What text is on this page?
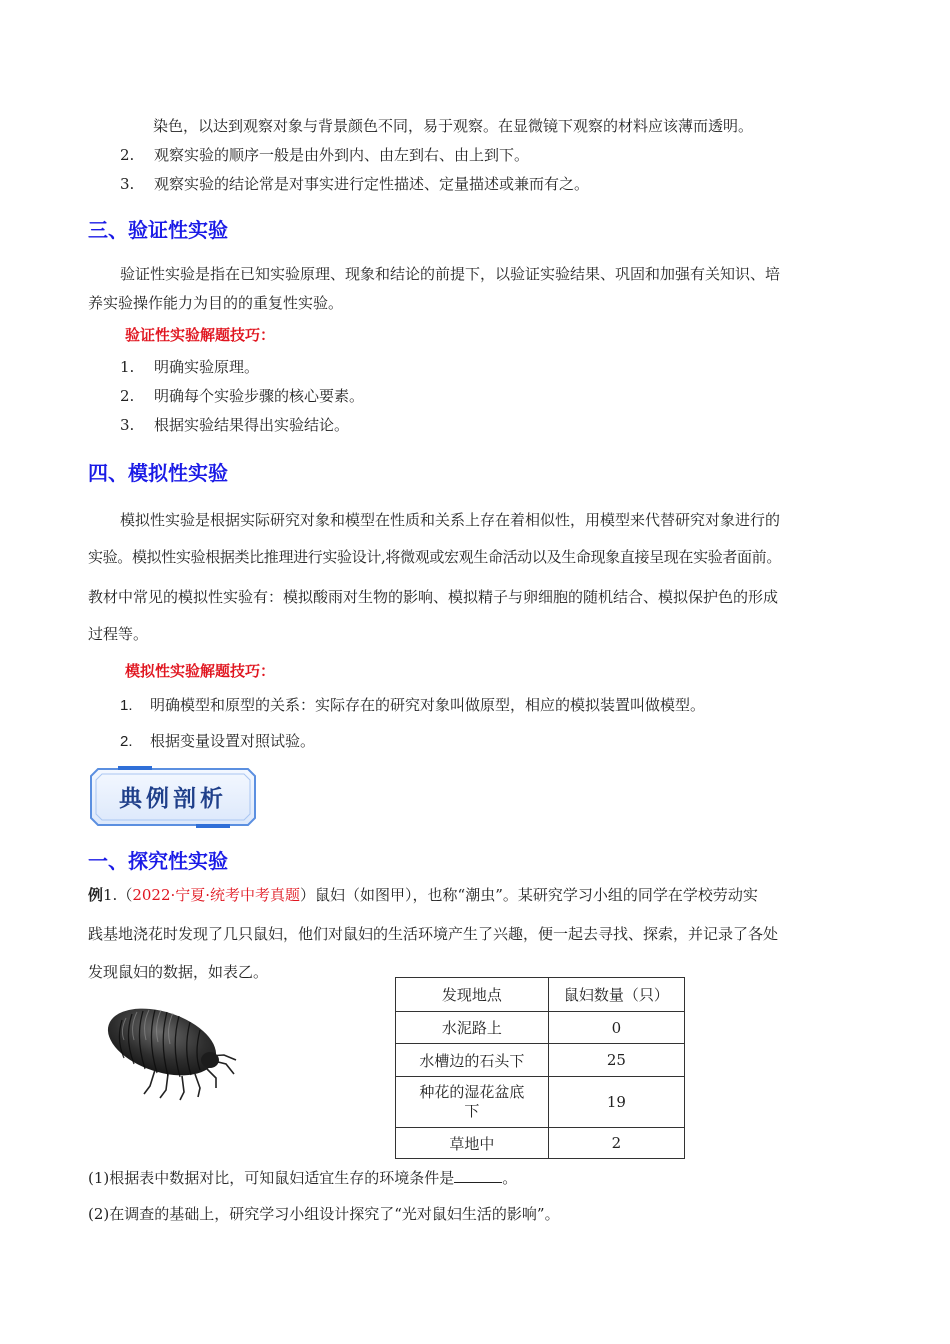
染色，以达到观察对象与背景颜色不同，易于观察。在显微镜下观察的材料应该薄而透明。
2. 观察实验的顺序一般是由外到内、由左到右、由上到下。
3. 观察实验的结论常是对事实进行定性描述、定量描述或兼而有之。
三、验证性实验
验证性实验是指在已知实验原理、现象和结论的前提下，以验证实验结果、巩固和加强有关知识、培
养实验操作能力为目的的重复性实验。
验证性实验解题技巧：
1. 明确实验原理。
2. 明确每个实验步骤的核心要素。
3. 根据实验结果得出实验结论。
四、模拟性实验
模拟性实验是根据实际研究对象和模型在性质和关系上存在着相似性，用模型来代替研究对象进行的
实验。模拟性实验根据类比推理进行实验设计,将微观或宏观生命活动以及生命现象直接呈现在实验者面前。
教材中常见的模拟性实验有：模拟酸雨对生物的影响、模拟精子与卵细胞的随机结合、模拟保护色的形成
过程等。
模拟性实验解题技巧：
1. 明确模型和原型的关系：实际存在的研究对象叫做原型，相应的模拟装置叫做模型。
2. 根据变量设置对照试验。
典例剖析
一、探究性实验
例1.（2022·宁夏·统考中考真题）鼠妇（如图甲），也称“潮虫”。某研究学习小组的同学在学校劳动实
践基地浇花时发现了几只鼠妇，他们对鼠妇的生活环境产生了兴趣，便一起去寻找、探索，并记录了各处
发现鼠妇的数据，如表乙。
发现地点	鼠妇数量（只）
水泥路上	0
水槽边的石头下	25
种花的湿花盆底
下	19
草地中	2
(1)根据表中数据对比，可知鼠妇适宜生存的环境条件是	。
(2)在调查的基础上，研究学习小组设计探究了“光对鼠妇生活的影响”。
